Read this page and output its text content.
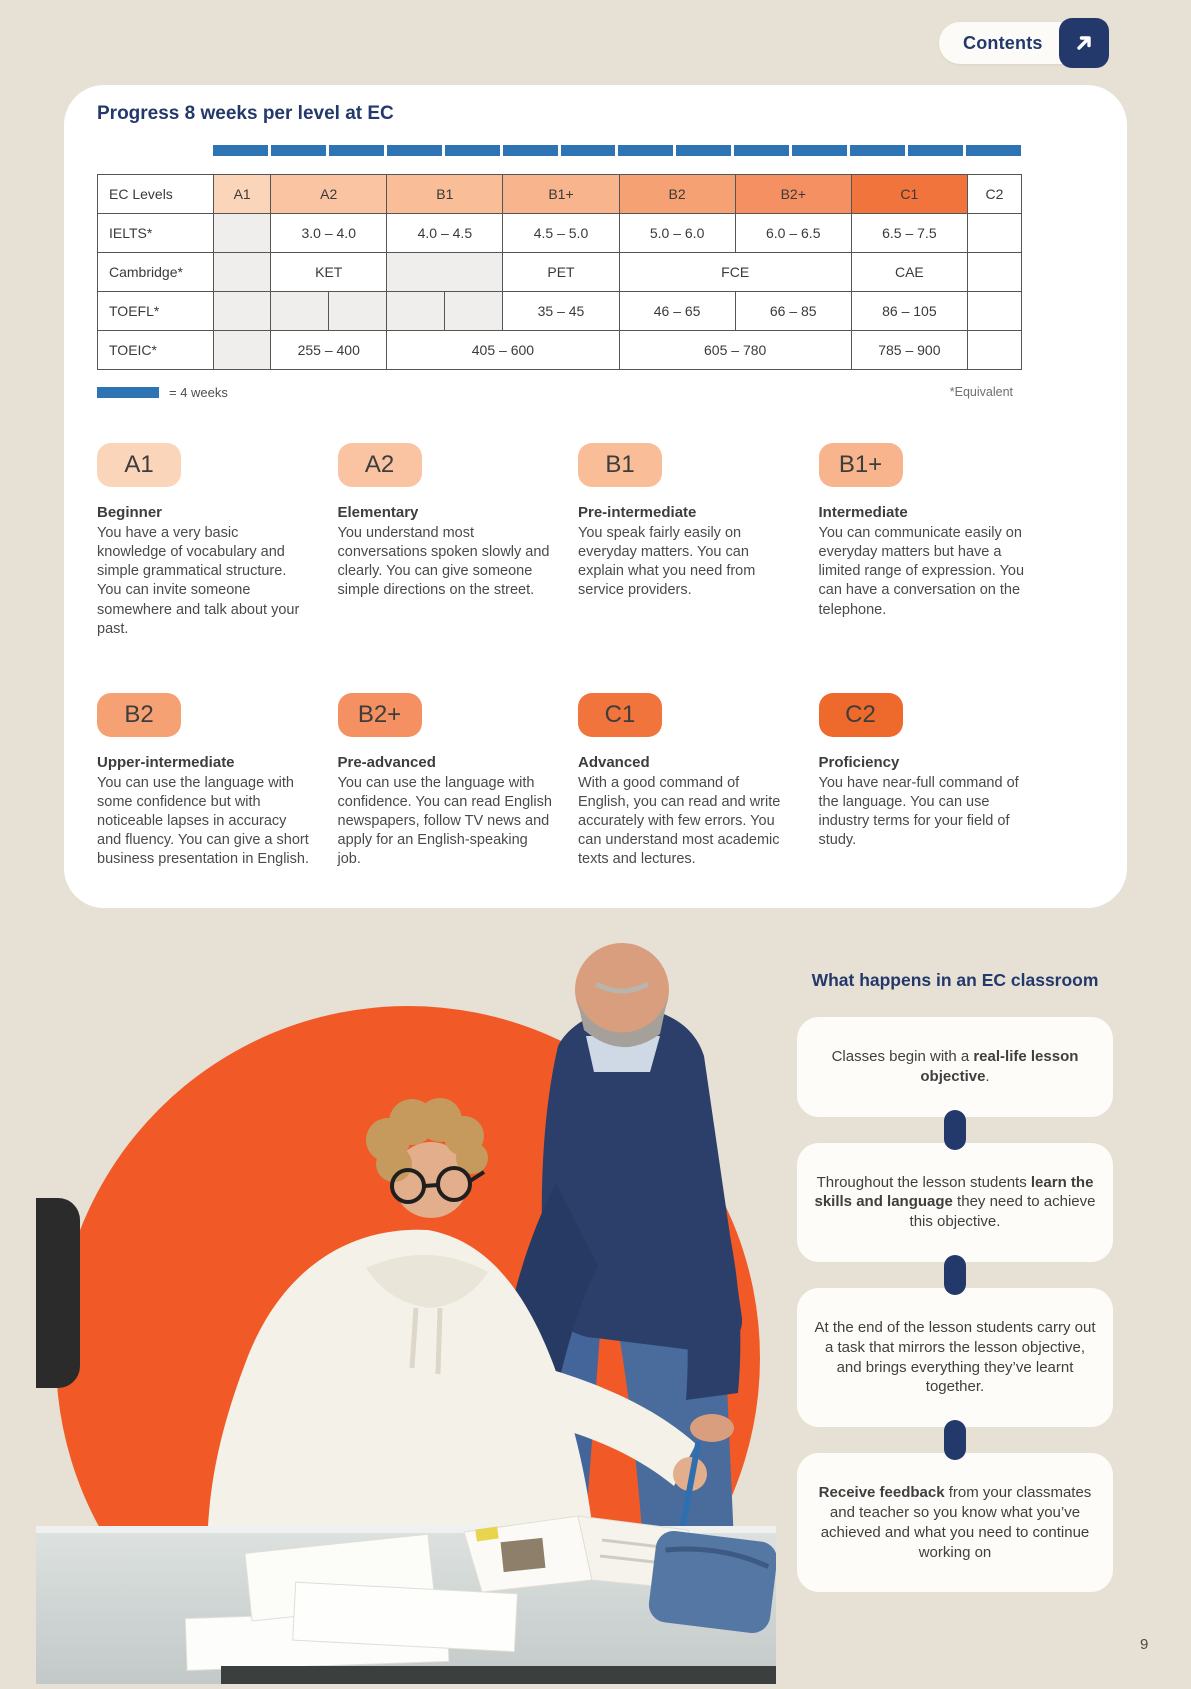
Contents
Progress 8 weeks per level at EC
EC Levels	A1	A2		B1		B1+	B2	B2+	C1	C2
IELTS*		3.0 – 4.0		4.0 – 4.5		4.5 – 5.0	5.0 – 6.0	6.0 – 6.5	6.5 – 7.5	
Cambridge*		KET				PET	FCE		CAE	
TOEFL*						35 – 45	46 – 65	66 – 85	86 – 105	
TOEIC*		255 – 400		405 – 600			605 – 780		785 – 900	
= 4 weeks	*Equivalent
A1
Beginner

You have a very basic knowledge of vocabulary and simple grammatical structure. You can invite someone somewhere and talk about your past.

A2
Elementary

You understand most conversations spoken slowly and clearly. You can give someone simple directions on the street.

B1
Pre-intermediate

You speak fairly easily on everyday matters. You can explain what you need from service providers.

B1+
Intermediate

You can communicate easily on everyday matters but have a limited range of expression. You can have a conversation on the telephone.

B2
Upper-intermediate

You can use the language with some confidence but with noticeable lapses in accuracy and fluency. You can give a short business presentation in English.

B2+
Pre-advanced

You can use the language with confidence. You can read English newspapers, follow TV news and apply for an English-speaking job.

C1
Advanced

With a good command of English, you can read and write accurately with few errors. You can understand most academic texts and lectures.

C2
Proficiency

You have near-full command of the language. You can use industry terms for your field of study.

What happens in an EC classroom
Classes begin with a real-life lesson objective.
Throughout the lesson students learn the skills and language they need to achieve this objective.
At the end of the lesson students carry out a task that mirrors the lesson objective, and brings everything they’ve learnt together.
Receive feedback from your classmates and teacher so you know what you’ve achieved and what you need to continue working on
9
